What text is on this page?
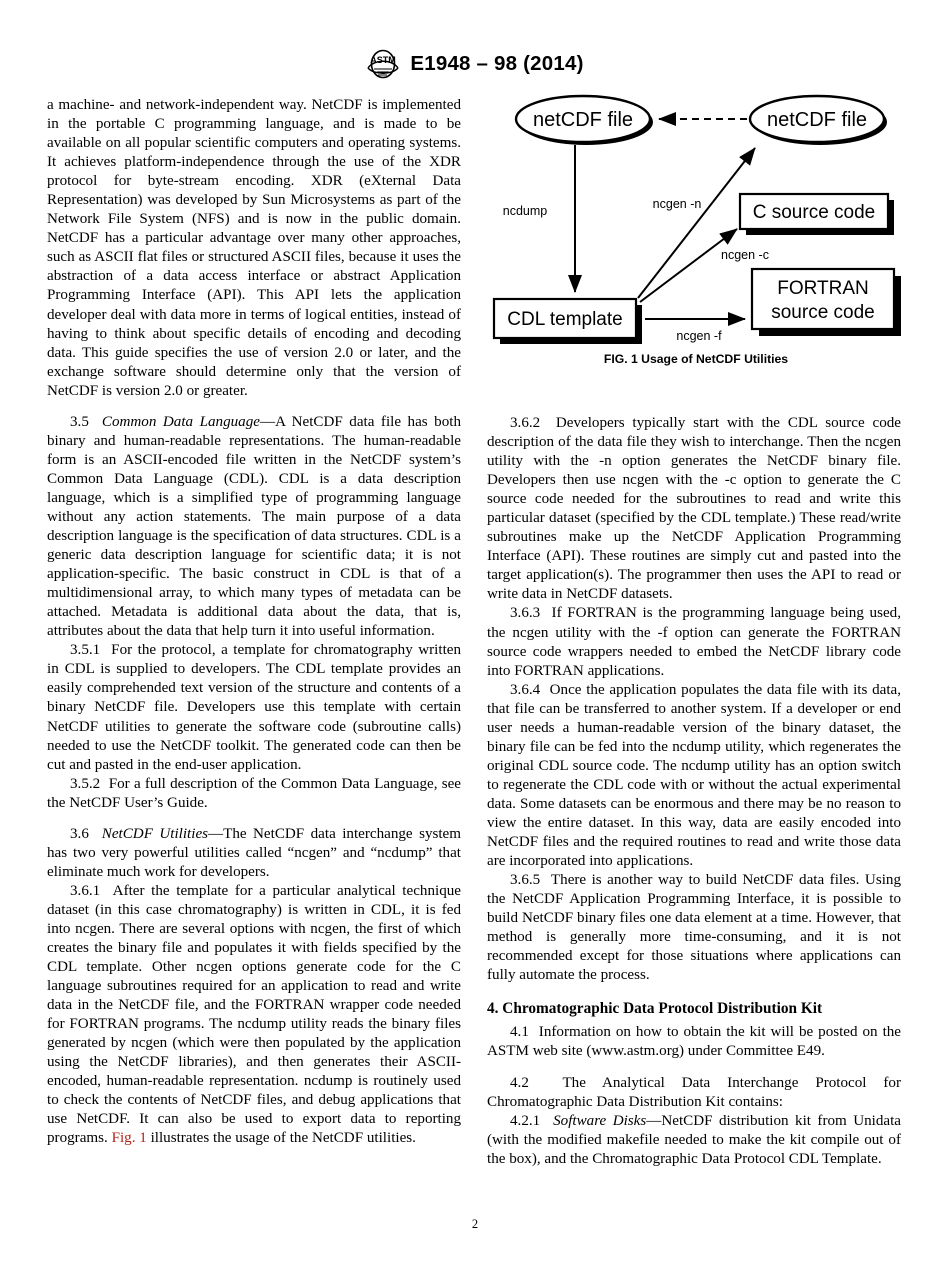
ASTM E1948 – 98 (2014)
netCDF file	netCDF file
C source code
FORTRAN
source code
CDL template
ncdump	ncgen -n
ncgen -c
ncgen -f
FIG. 1 Usage of NetCDF Utilities

a machine- and network-independent way. NetCDF is implemented in the portable C programming language, and is made to be available on all popular scientific computers and operating systems. It achieves platform-independence through the use of the XDR protocol for byte-stream encoding. XDR (eXternal Data Representation) was developed by Sun Microsystems as part of the Network File System (NFS) and is now in the public domain. NetCDF has a particular advantage over many other approaches, such as ASCII flat files or structured ASCII files, because it uses the abstraction of a data access interface or abstract Application Programming Interface (API). This API lets the application developer deal with data more in terms of logical entities, instead of having to think about specific details of encoding and decoding data. This guide specifies the use of version 2.0 or later, and the exchange software should determine only that the version of NetCDF is version 2.0 or greater.

3.5 Common Data Language—A NetCDF data file has both binary and human-readable representations. The human-readable form is an ASCII-encoded file written in the NetCDF system’s Common Data Language (CDL). CDL is a data description language, which is a simplified type of programming language without any action statements. The main purpose of a data description language is the specification of data structures. CDL is a generic data description language for scientific data; it is not application-specific. The basic construct in CDL is that of a multidimensional array, to which many types of metadata can be attached. Metadata is additional data about the data, that is, attributes about the data that help turn it into useful information.

3.5.1 For the protocol, a template for chromatography written in CDL is supplied to developers. The CDL template provides an easily comprehended text version of the structure and contents of a binary NetCDF file. Developers use this template with certain NetCDF utilities to generate the software code (subroutine calls) needed to use the NetCDF toolkit. The generated code can then be cut and pasted in the end-user application.

3.5.2 For a full description of the Common Data Language, see the NetCDF User’s Guide.

3.6 NetCDF Utilities—The NetCDF data interchange system has two very powerful utilities called “ncgen” and “ncdump” that eliminate much work for developers.

3.6.1 After the template for a particular analytical technique dataset (in this case chromatography) is written in CDL, it is fed into ncgen. There are several options with ncgen, the first of which creates the binary file and populates it with fields specified by the CDL template. Other ncgen options generate code for the C language subroutines required for an application to read and write data in the NetCDF file, and the FORTRAN wrapper code needed for FORTRAN programs. The ncdump utility reads the binary files generated by ncgen (which were then populated by the application using the NetCDF libraries), and then generates their ASCII-encoded, human-readable representation. ncdump is routinely used to check the contents of NetCDF files, and debug applications that use NetCDF. It can also be used to export data to reporting programs. Fig. 1 illustrates the usage of the NetCDF utilities.

3.6.2 Developers typically start with the CDL source code description of the data file they wish to interchange. Then the ncgen utility with the -n option generates the NetCDF binary file. Developers then use ncgen with the -c option to generate the C source code needed for the subroutines to read and write this particular dataset (specified by the CDL template.) These read/write subroutines make up the NetCDF Application Programming Interface (API). These routines are simply cut and pasted into the target application(s). The programmer then uses the API to read or write data in NetCDF datasets.

3.6.3 If FORTRAN is the programming language being used, the ncgen utility with the -f option can generate the FORTRAN source code wrappers needed to embed the NetCDF library code into FORTRAN applications.

3.6.4 Once the application populates the data file with its data, that file can be transferred to another system. If a developer or end user needs a human-readable version of the binary dataset, the binary file can be fed into the ncdump utility, which regenerates the original CDL source code. The ncdump utility has an option switch to regenerate the CDL code with or without the actual experimental data. Some datasets can be enormous and there may be no reason to view the entire dataset. In this way, data are easily encoded into NetCDF files and the required routines to read and write those data are incorporated into applications.

3.6.5 There is another way to build NetCDF data files. Using the NetCDF Application Programming Interface, it is possible to build NetCDF binary files one data element at a time. However, that method is generally more time-consuming, and it is not recommended except for those situations where applications can fully automate the process.

4. Chromatographic Data Protocol Distribution Kit

4.1 Information on how to obtain the kit will be posted on the ASTM web site (www.astm.org) under Committee E49.

4.2 The Analytical Data Interchange Protocol for Chromatographic Data Distribution Kit contains:

4.2.1 Software Disks—NetCDF distribution kit from Unidata (with the modified makefile needed to make the kit compile out of the box), and the Chromatographic Data Protocol CDL Template.

2
